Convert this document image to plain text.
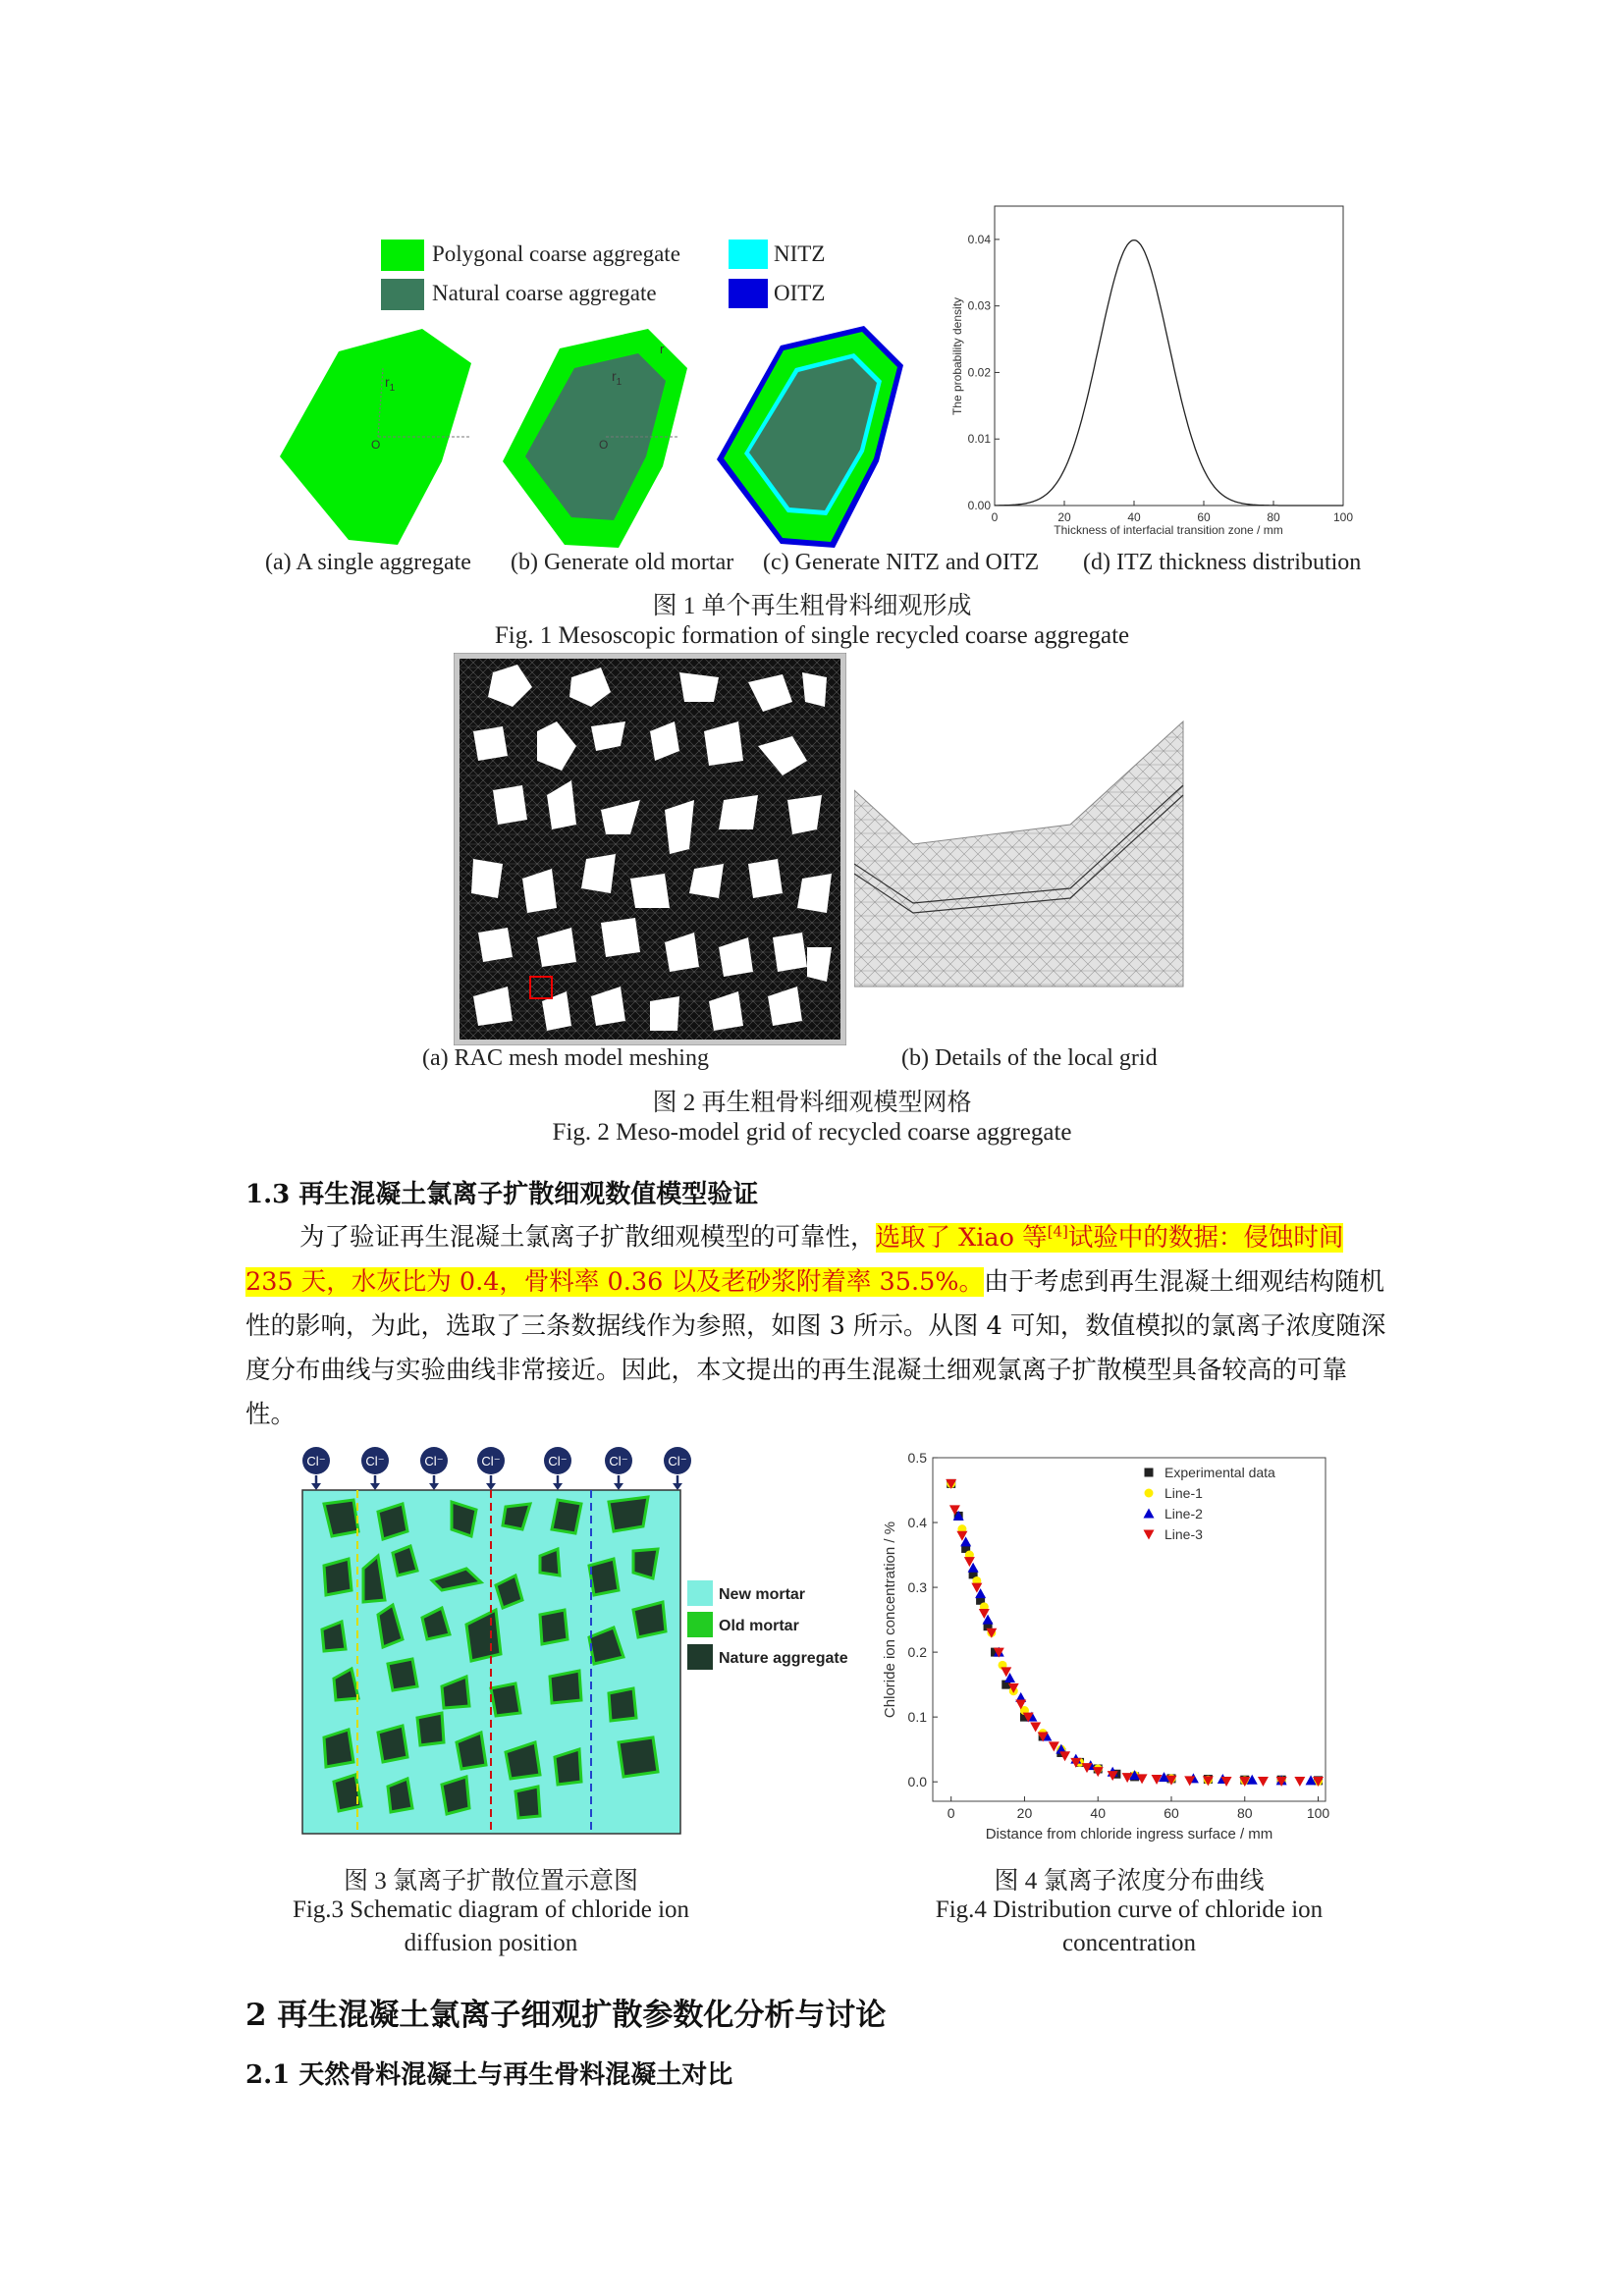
Polygonal coarse aggregate
Natural coarse aggregate
NITZ
OITZ
$r_1$
O
$r_1$
r
O
0	20	40	60	80	100
0.00
0.01
0.02
0.03
0.04
Thickness of interfacial transition zone / mm
The probability density
(a) A single aggregate (b) Generate old mortar (c) Generate NITZ and OITZ (d) ITZ thickness distribution
图 1 单个再生粗骨料细观形成
Fig. 1 Mesoscopic formation of single recycled coarse aggregate
(a) RAC mesh model meshing	(b) Details of the local grid
图 2 再生粗骨料细观模型网格
Fig. 2 Meso-model grid of recycled coarse aggregate
1.3 再生混凝土氯离子扩散细观数值模型验证
为了验证再生混凝土氯离子扩散细观模型的可靠性，选取了 Xiao 等[4]试验中的数据：侵蚀时间 235 天，水灰比为 0.4，骨料率 0.36 以及老砂浆附着率 35.5%。由于考虑到再生混凝土细观结构随机性的影响，为此，选取了三条数据线作为参照，如图 3 所示。从图 4 可知，数值模拟的氯离子浓度随深度分布曲线与实验曲线非常接近。因此，本文提出的再生混凝土细观氯离子扩散模型具备较高的可靠性。
Cl⁻	Cl⁻	Cl⁻	Cl⁻	Cl⁻	Cl⁻	Cl⁻
New mortar
Old mortar
Nature aggregate
0	20	40	60	80	100
0.0
0.1
0.2
0.3
0.4
0.5
Experimental data
Line-1
Line-2
Line-3
Distance from chloride ingress surface / mm
Chloride ion concentration / %
图 3 氯离子扩散位置示意图
Fig.3 Schematic diagram of chloride ion
diffusion position
图 4 氯离子浓度分布曲线
Fig.4 Distribution curve of chloride ion
concentration
2 再生混凝土氯离子细观扩散参数化分析与讨论
2.1 天然骨料混凝土与再生骨料混凝土对比
